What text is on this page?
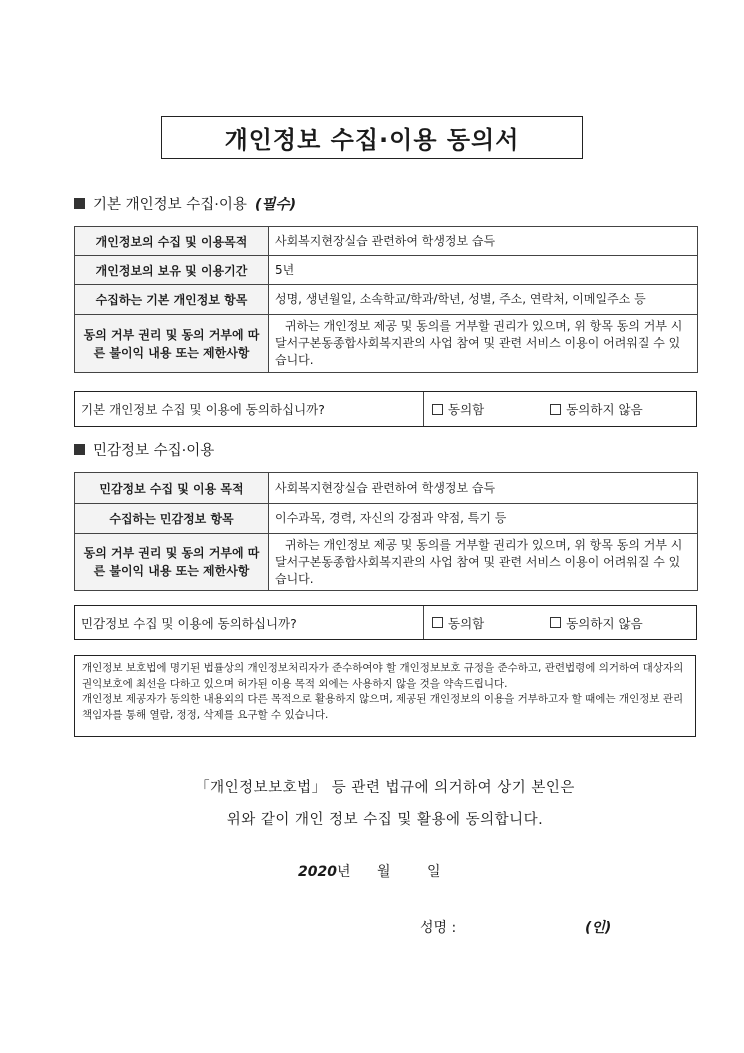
개인정보 수집·이용 동의서
기본 개인정보 수집·이용 (필수)
개인정보의 수집 및 이용목적	사회복지현장실습 관련하여 학생정보 습득
개인정보의 보유 및 이용기간	5년
수집하는 기본 개인정보 항목	성명, 생년월일, 소속학교/학과/학년, 성별, 주소, 연락처, 이메일주소 등
동의 거부 권리 및 동의 거부에 따른 불이익 내용 또는 제한사항	귀하는 개인정보 제공 및 동의를 거부할 권리가 있으며, 위 항목 동의 거부 시 달서구본동종합사회복지관의 사업 참여 및 관련 서비스 이용이 어려워질 수 있습니다.
기본 개인정보 수집 및 이용에 동의하십니까?	동의함	동의하지 않음
민감정보 수집·이용
민감정보 수집 및 이용 목적	사회복지현장실습 관련하여 학생정보 습득
수집하는 민감정보 항목	이수과목, 경력, 자신의 강점과 약점, 특기 등
동의 거부 권리 및 동의 거부에 따른 불이익 내용 또는 제한사항	귀하는 개인정보 제공 및 동의를 거부할 권리가 있으며, 위 항목 동의 거부 시 달서구본동종합사회복지관의 사업 참여 및 관련 서비스 이용이 어려워질 수 있습니다.
민감정보 수집 및 이용에 동의하십니까?	동의함	동의하지 않음
개인정보 보호법에 명기된 법률상의 개인정보처리자가 준수하여야 할 개인정보보호 규정을 준수하고, 관련법령에 의거하여 대상자의 권익보호에 최선을 다하고 있으며 허가된 이용 목적 외에는 사용하지 않을 것을 약속드립니다.
개인정보 제공자가 동의한 내용외의 다른 목적으로 활용하지 않으며, 제공된 개인정보의 이용을 거부하고자 할 때에는 개인정보 관리책임자를 통해 열람, 정정, 삭제를 요구할 수 있습니다.
「개인정보보호법」 등 관련 법규에 의거하여 상기 본인은
위와 같이 개인 정보 수집 및 활용에 동의합니다.
2020년 월	일
성명 :	(인)
